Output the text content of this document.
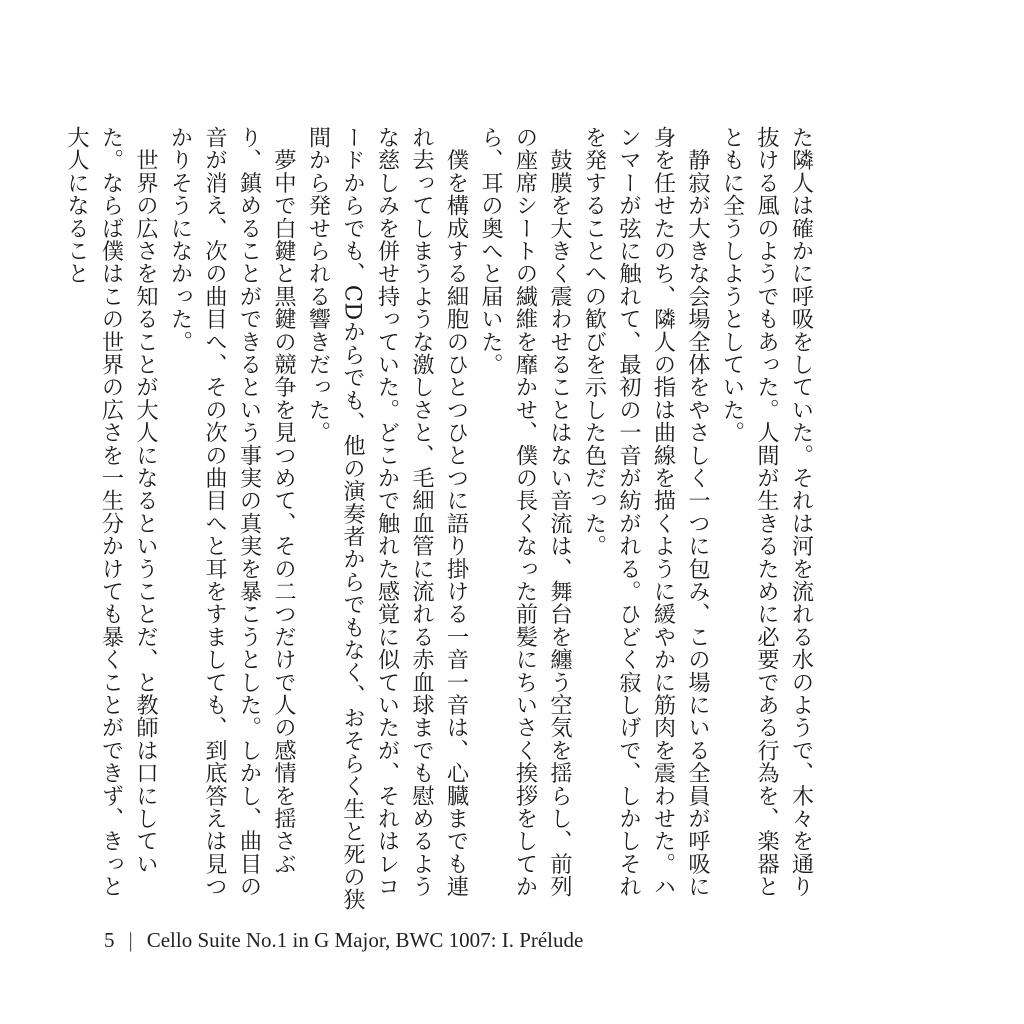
た隣人は確かに呼吸をしていた。それは河を流れる水のようで、木々を通り抜ける風のようでもあった。人間が生きるために必要である行為を、楽器とともに全うしようとしていた。

　静寂が大きな会場全体をやさしく一つに包み、この場にいる全員が呼吸に身を任せたのち、隣人の指は曲線を描くように緩やかに筋肉を震わせた。ハンマーが弦に触れて、最初の一音が紡がれる。ひどく寂しげで、しかしそれを発することへの歓びを示した色だった。

　鼓膜を大きく震わせることはない音流は、舞台を纏う空気を揺らし、前列の座席シートの繊維を靡かせ、僕の長くなった前髪にちいさく挨拶をしてから、耳の奥へと届いた。

　僕を構成する細胞のひとつひとつに語り掛ける一音一音は、心臓までも連れ去ってしまうような激しさと、毛細血管に流れる赤血球までも慰めるような慈しみを併せ持っていた。どこかで触れた感覚に似ていたが、それはレコードからでも、CDからでも、他の演奏者からでもなく、おそらく生と死の狭間から発せられる響きだった。

　夢中で白鍵と黒鍵の競争を見つめて、その二つだけで人の感情を揺さぶり、鎮めることができるという事実の真実を暴こうとした。しかし、曲目の音が消え、次の曲目へ、その次の曲目へと耳をすましても、到底答えは見つかりそうになかった。

　世界の広さを知ることが大人になるということだ、と教師は口にしていた。ならば僕はこの世界の広さを一生分かけても暴くことができず、きっと大人になること

5 | Cello Suite No.1 in G Major, BWC 1007: I. Prélude
